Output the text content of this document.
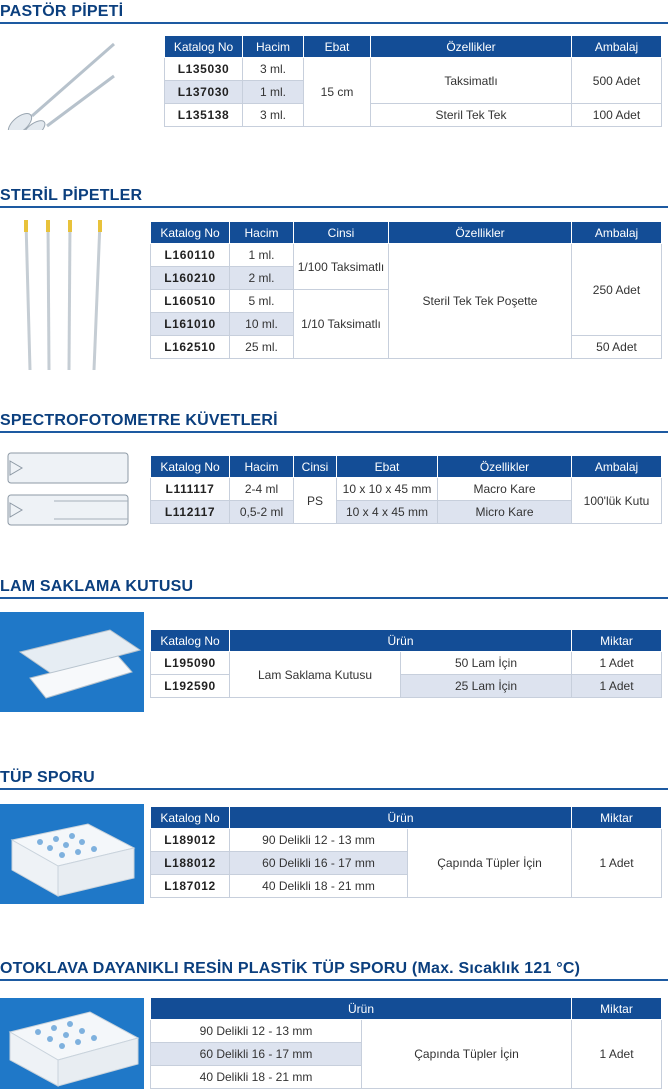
PASTÖR PİPETİ
Katalog No	Hacim	Ebat	Özellikler	Ambalaj
L135030	3 ml.	15 cm	Taksimatlı	500 Adet
L137030	1 ml.			
L135138	3 ml.		Steril Tek Tek	100 Adet
STERİL PİPETLER
Katalog No	Hacim	Cinsi	Özellikler	Ambalaj
L160110	1 ml.	1/100 Taksimatlı	Steril Tek Tek Poşette	250 Adet
L160210	2 ml.			
L160510	5 ml.	1/10 Taksimatlı		
L161010	10 ml.			
L162510	25 ml.			50 Adet
SPECTROFOTOMETRE KÜVETLERİ
Katalog No	Hacim	Cinsi	Ebat	Özellikler	Ambalaj
L111117	2-4 ml	PS	10 x 10 x 45 mm	Macro Kare	100'lük Kutu
L112117	0,5-2 ml		10 x 4 x 45 mm	Micro Kare	
LAM SAKLAMA KUTUSU
Katalog No	Ürün		Miktar
L195090	Lam Saklama Kutusu	50 Lam İçin	1 Adet
L192590		25 Lam İçin	1 Adet
TÜP SPORU
Katalog No	Ürün		Miktar
L189012	90 Delikli 12 - 13 mm	Çapında Tüpler İçin	1 Adet
L188012	60 Delikli 16 - 17 mm		
L187012	40 Delikli 18 - 21 mm		
OTOKLAVA DAYANIKLI RESİN PLASTİK TÜP SPORU (Max. Sıcaklık 121 °C)
Ürün		Miktar
90 Delikli 12 - 13 mm	Çapında Tüpler İçin	1 Adet
60 Delikli 16 - 17 mm		
40 Delikli 18 - 21 mm		
